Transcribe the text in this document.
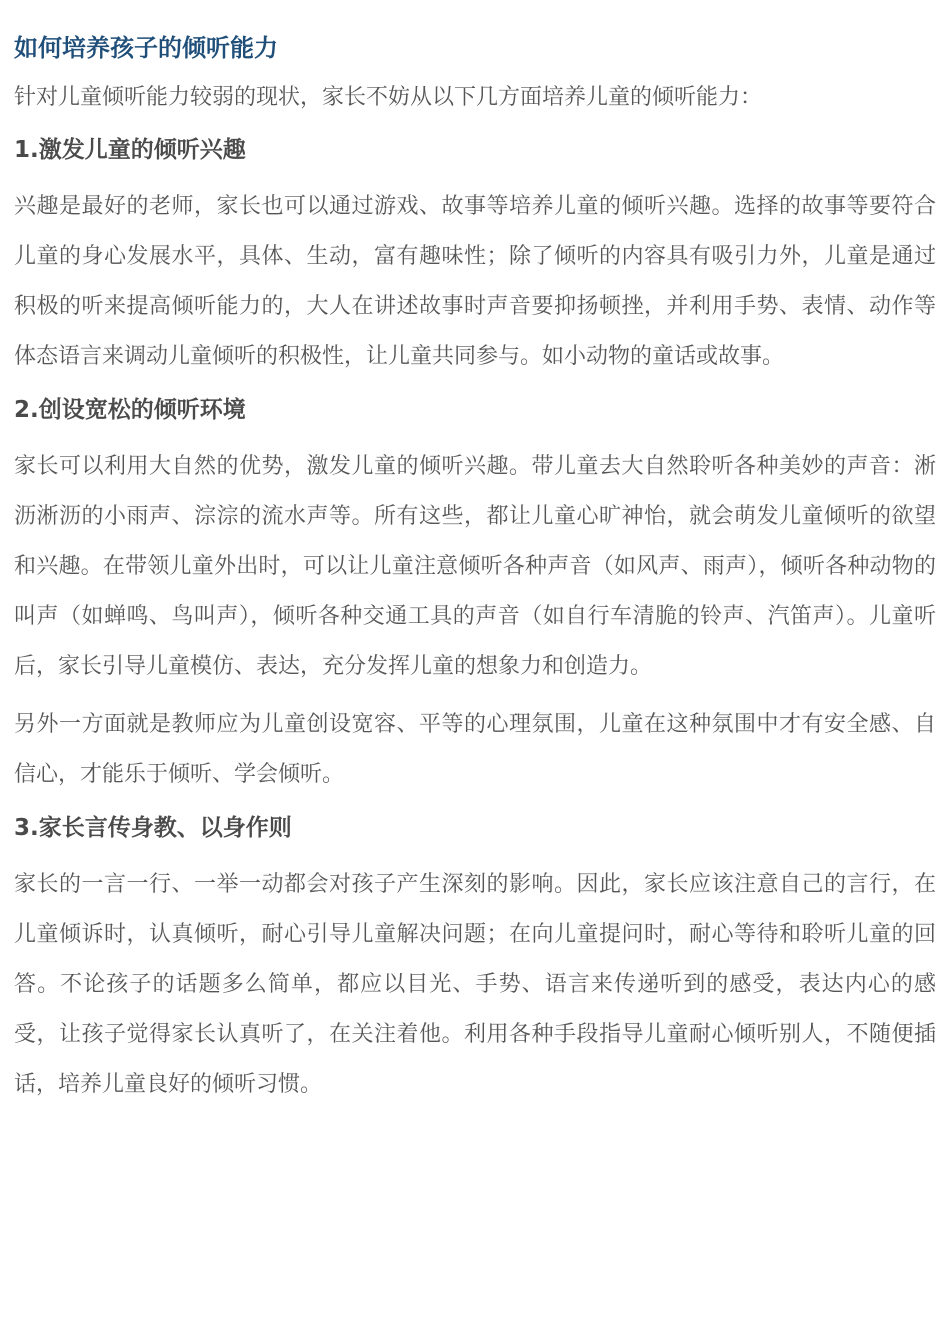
如何培养孩子的倾听能力
针对儿童倾听能力较弱的现状，家长不妨从以下几方面培养儿童的倾听能力：
1.激发儿童的倾听兴趣
兴趣是最好的老师，家长也可以通过游戏、故事等培养儿童的倾听兴趣。选择的故事等要符合儿童的身心发展水平，具体、生动，富有趣味性；除了倾听的内容具有吸引力外，儿童是通过积极的听来提高倾听能力的，大人在讲述故事时声音要抑扬顿挫，并利用手势、表情、动作等体态语言来调动儿童倾听的积极性，让儿童共同参与。如小动物的童话或故事。
2.创设宽松的倾听环境
家长可以利用大自然的优势，激发儿童的倾听兴趣。带儿童去大自然聆听各种美妙的声音：淅沥淅沥的小雨声、淙淙的流水声等。所有这些，都让儿童心旷神怡，就会萌发儿童倾听的欲望和兴趣。在带领儿童外出时，可以让儿童注意倾听各种声音（如风声、雨声），倾听各种动物的叫声（如蝉鸣、鸟叫声），倾听各种交通工具的声音（如自行车清脆的铃声、汽笛声）。儿童听后，家长引导儿童模仿、表达，充分发挥儿童的想象力和创造力。
另外一方面就是教师应为儿童创设宽容、平等的心理氛围，儿童在这种氛围中才有安全感、自信心，才能乐于倾听、学会倾听。
3.家长言传身教、以身作则
家长的一言一行、一举一动都会对孩子产生深刻的影响。因此，家长应该注意自己的言行，在儿童倾诉时，认真倾听，耐心引导儿童解决问题；在向儿童提问时，耐心等待和聆听儿童的回答。不论孩子的话题多么简单，都应以目光、手势、语言来传递听到的感受，表达内心的感受，让孩子觉得家长认真听了，在关注着他。利用各种手段指导儿童耐心倾听别人，不随便插话，培养儿童良好的倾听习惯。
